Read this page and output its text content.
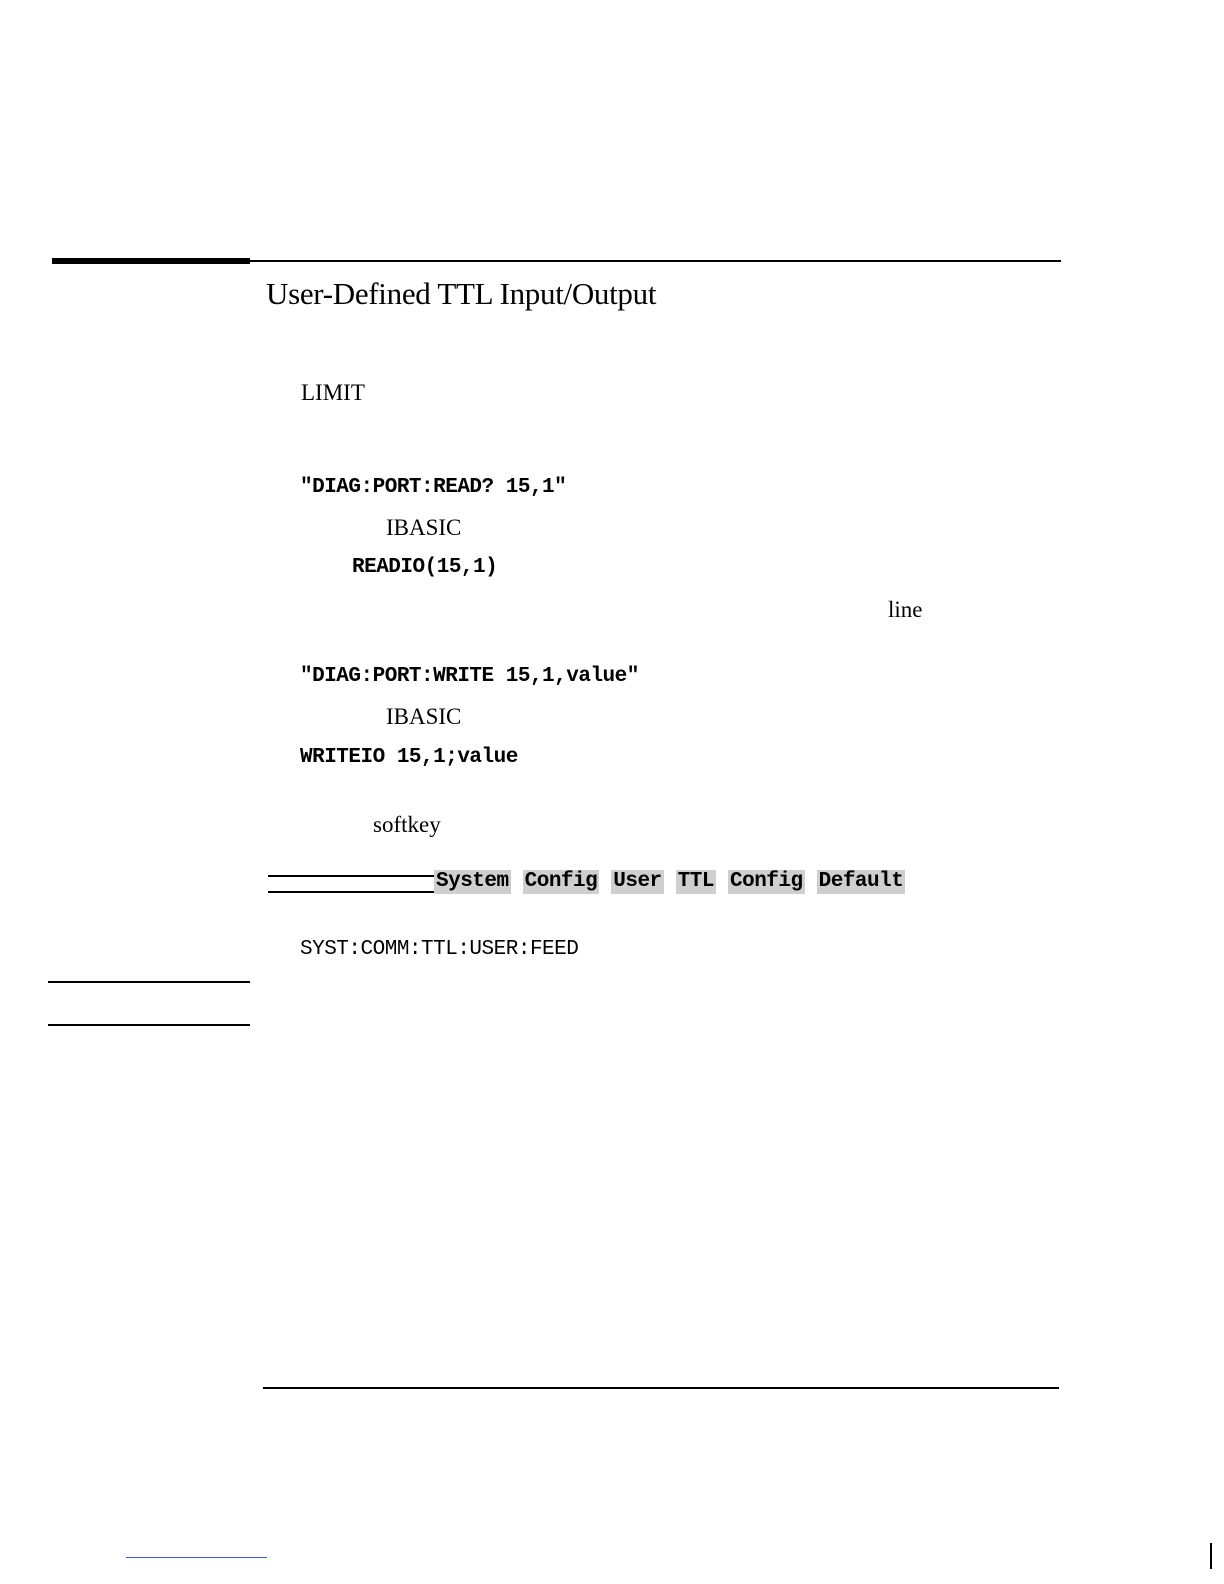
User-Defined TTL Input/Output
LIMIT
"DIAG:PORT:READ? 15,1"
IBASIC
READIO(15,1)
line
"DIAG:PORT:WRITE 15,1,value"
IBASIC
WRITEIO 15,1;value
softkey
System Config User TTL Config Default
SYST:COMM:TTL:USER:FEED
